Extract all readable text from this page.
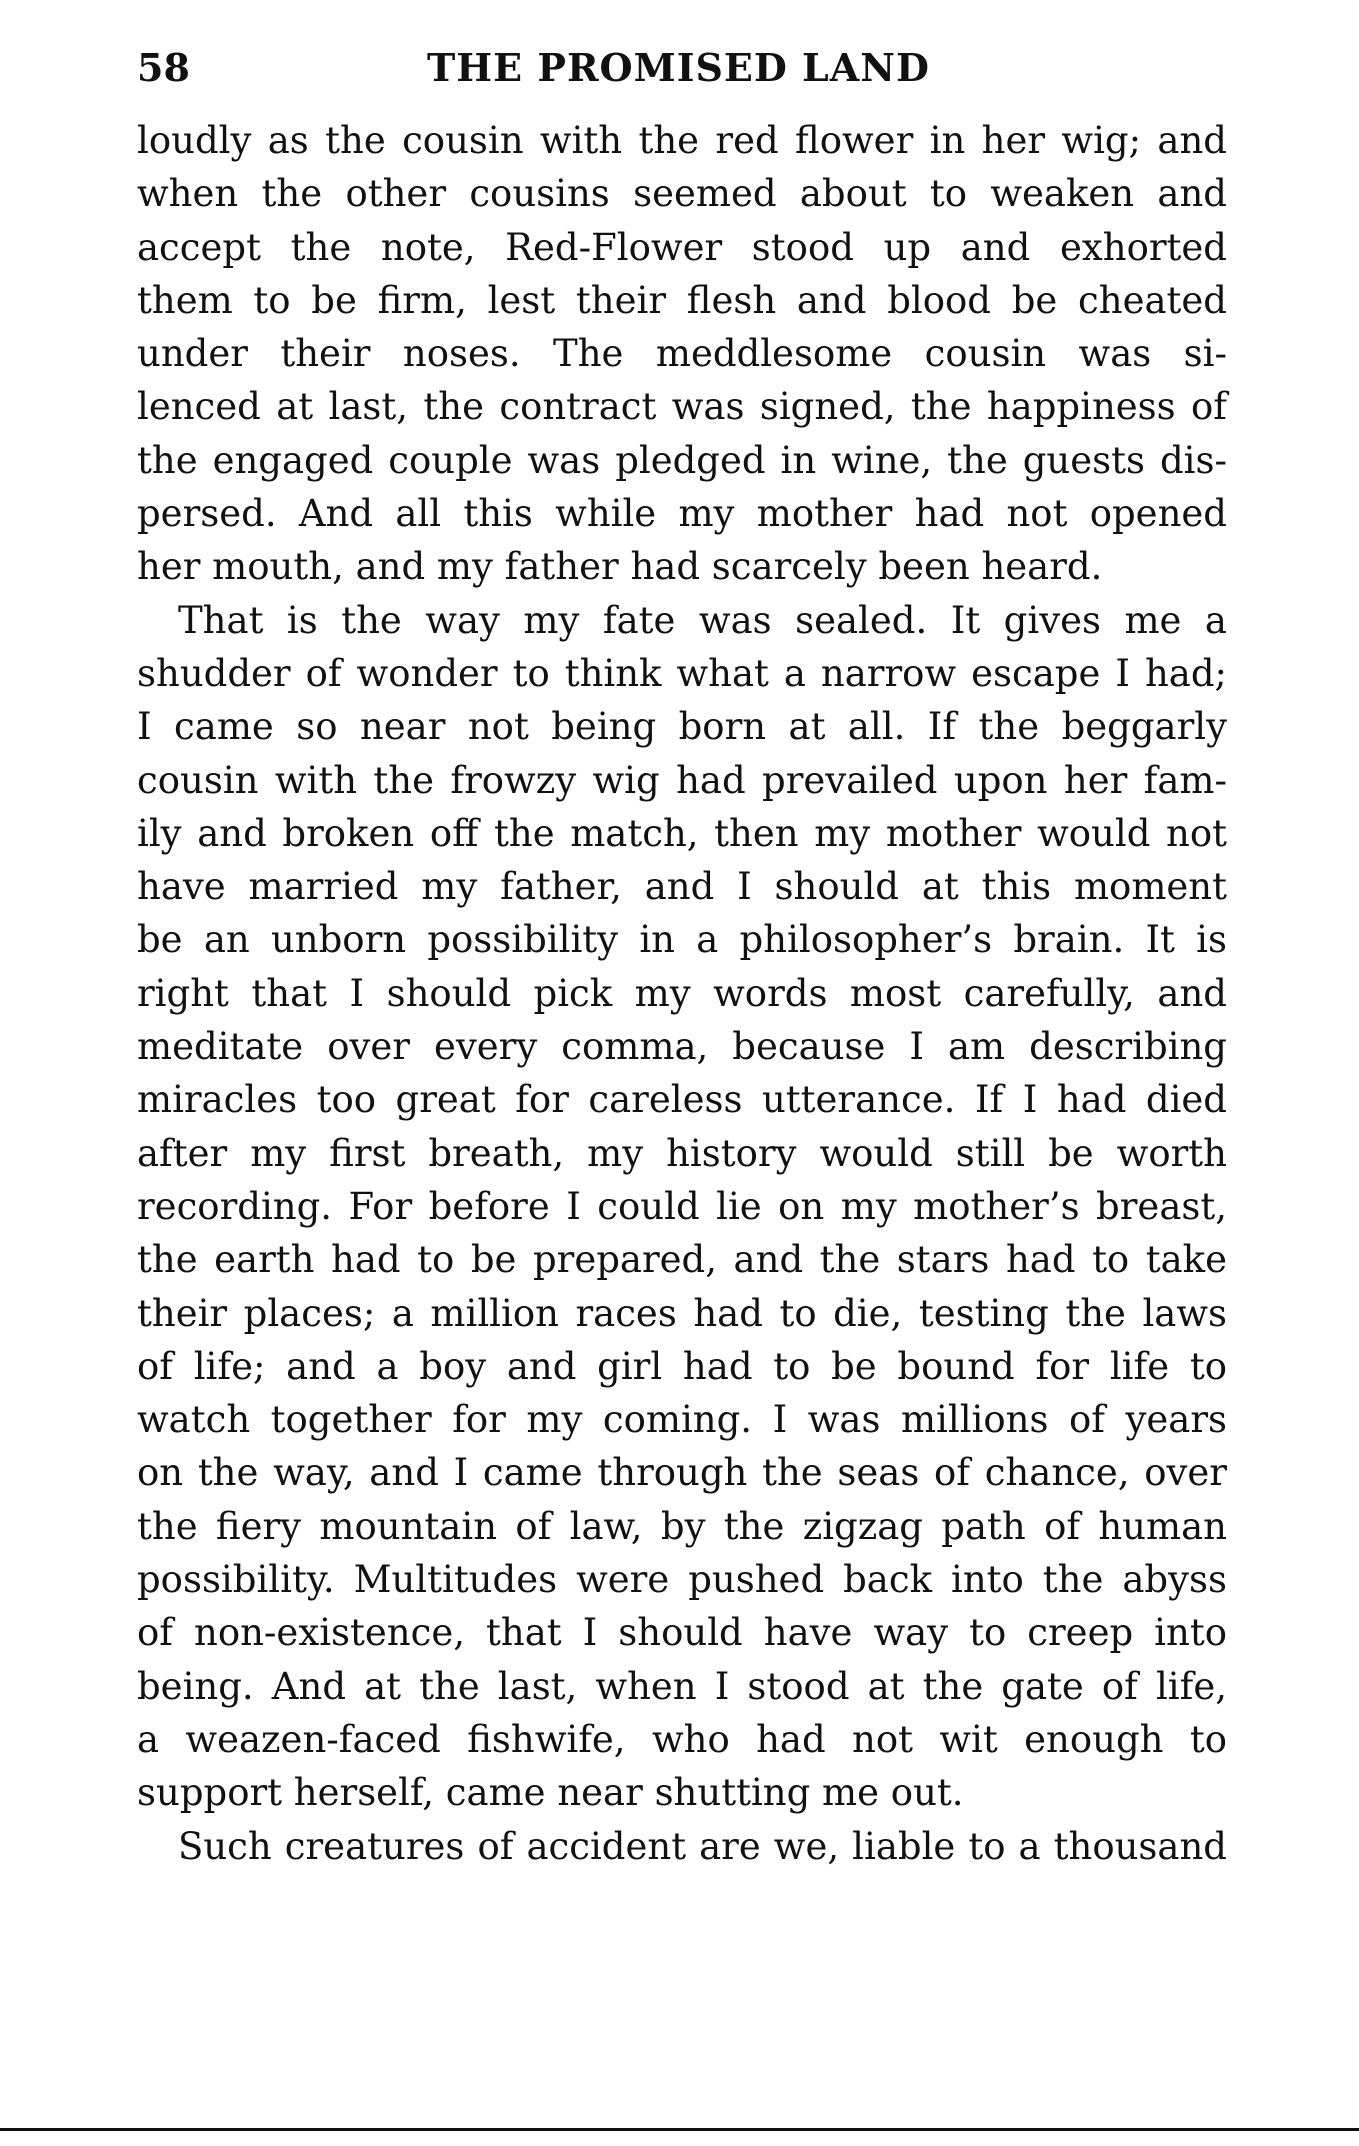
58	THE PROMISED LAND
loudly as the cousin with the red flower in her wig; and
when the other cousins seemed about to weaken and
accept the note, Red-Flower stood up and exhorted
them to be firm, lest their flesh and blood be cheated
under their noses. The meddlesome cousin was si-
lenced at last, the contract was signed, the happiness of
the engaged couple was pledged in wine, the guests dis-
persed. And all this while my mother had not opened
her mouth, and my father had scarcely been heard.
That is the way my fate was sealed. It gives me a
shudder of wonder to think what a narrow escape I had;
I came so near not being born at all. If the beggarly
cousin with the frowzy wig had prevailed upon her fam-
ily and broken off the match, then my mother would not
have married my father, and I should at this moment
be an unborn possibility in a philosopher’s brain. It is
right that I should pick my words most carefully, and
meditate over every comma, because I am describing
miracles too great for careless utterance. If I had died
after my first breath, my history would still be worth
recording. For before I could lie on my mother’s breast,
the earth had to be prepared, and the stars had to take
their places; a million races had to die, testing the laws
of life; and a boy and girl had to be bound for life to
watch together for my coming. I was millions of years
on the way, and I came through the seas of chance, over
the fiery mountain of law, by the zigzag path of human
possibility. Multitudes were pushed back into the abyss
of non-existence, that I should have way to creep into
being. And at the last, when I stood at the gate of life,
a weazen-faced fishwife, who had not wit enough to
support herself, came near shutting me out.
Such creatures of accident are we, liable to a thousand
